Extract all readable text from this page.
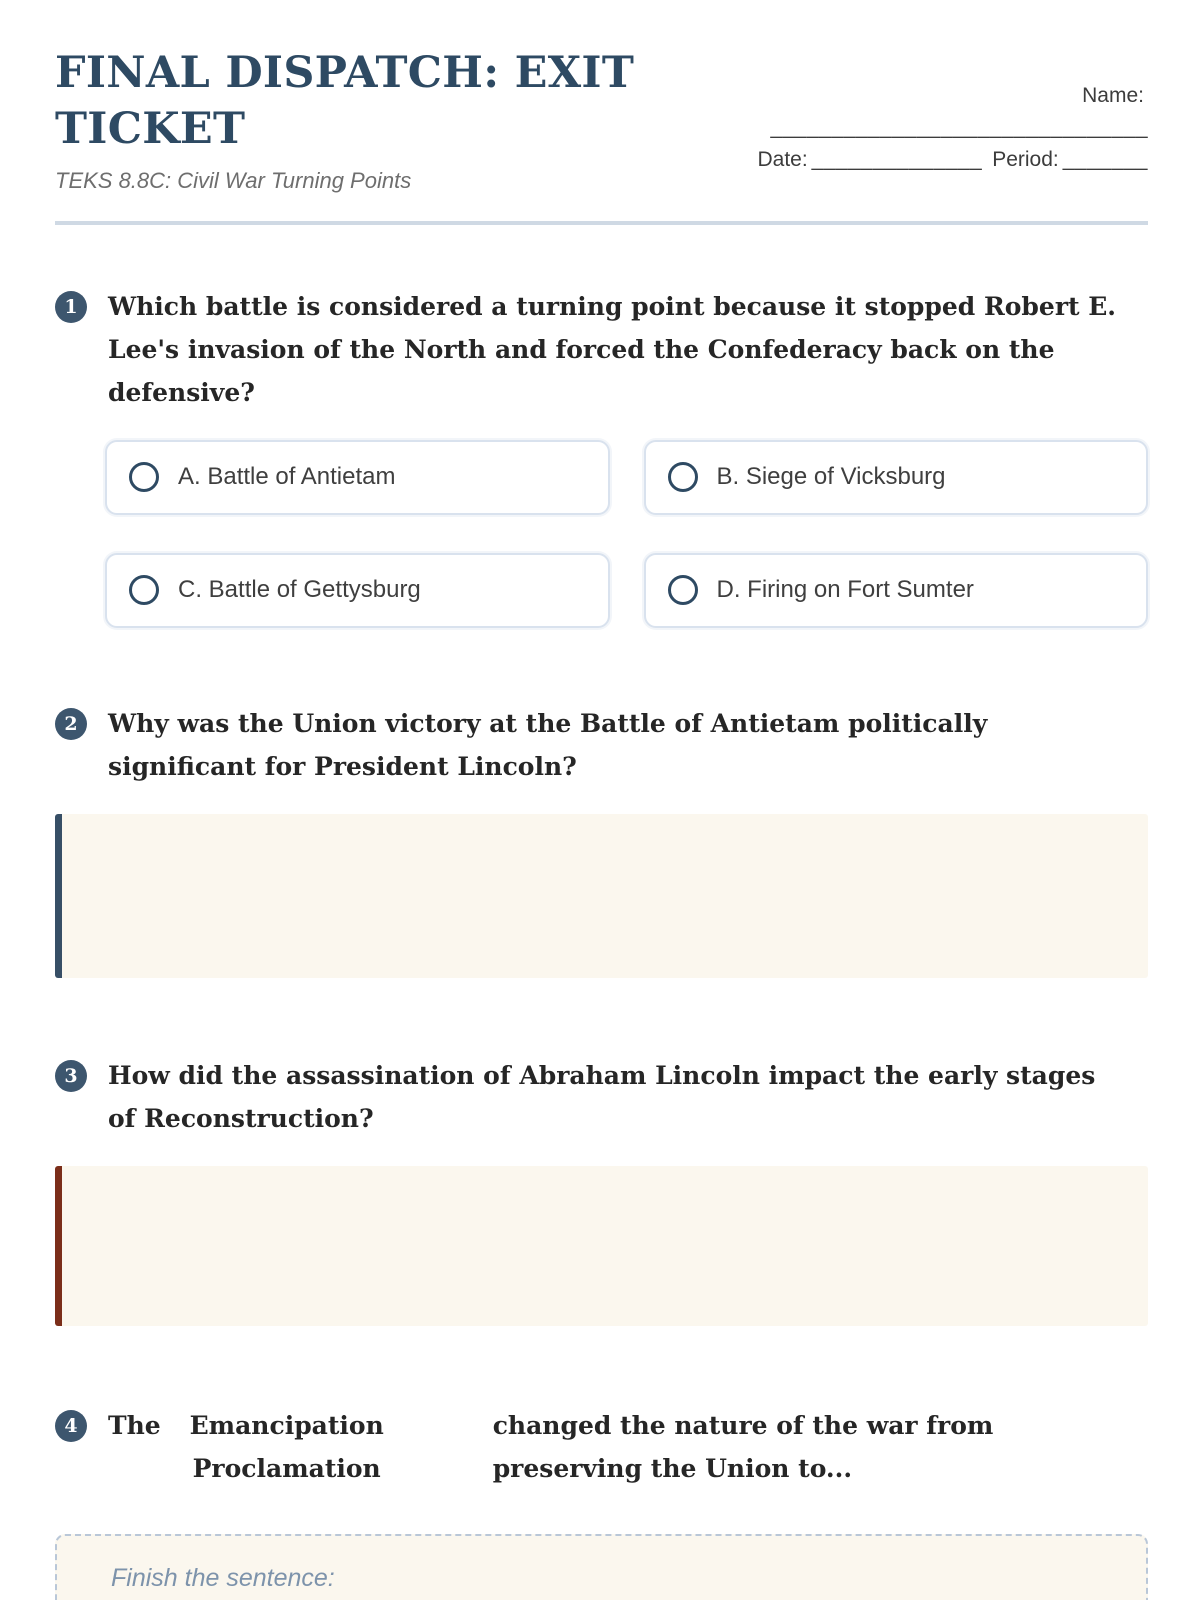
FINAL DISPATCH: EXIT TICKET
TEKS 8.8C: Civil War Turning Points
Name:
_______________________________
Date: ______________ Period: _______
1	Which battle is considered a turning point because it stopped Robert E. Lee's invasion of the North and forced the Confederacy back on the defensive?
A. Battle of Antietam	B. Siege of Vicksburg
C. Battle of Gettysburg	D. Firing on Fort Sumter
2	Why was the Union victory at the Battle of Antietam politically significant for President Lincoln?
3	How did the assassination of Abraham Lincoln impact the early stages of Reconstruction?
4	The	Emancipation Proclamation
changed the nature of the war from preserving the Union to...
Finish the sentence:
